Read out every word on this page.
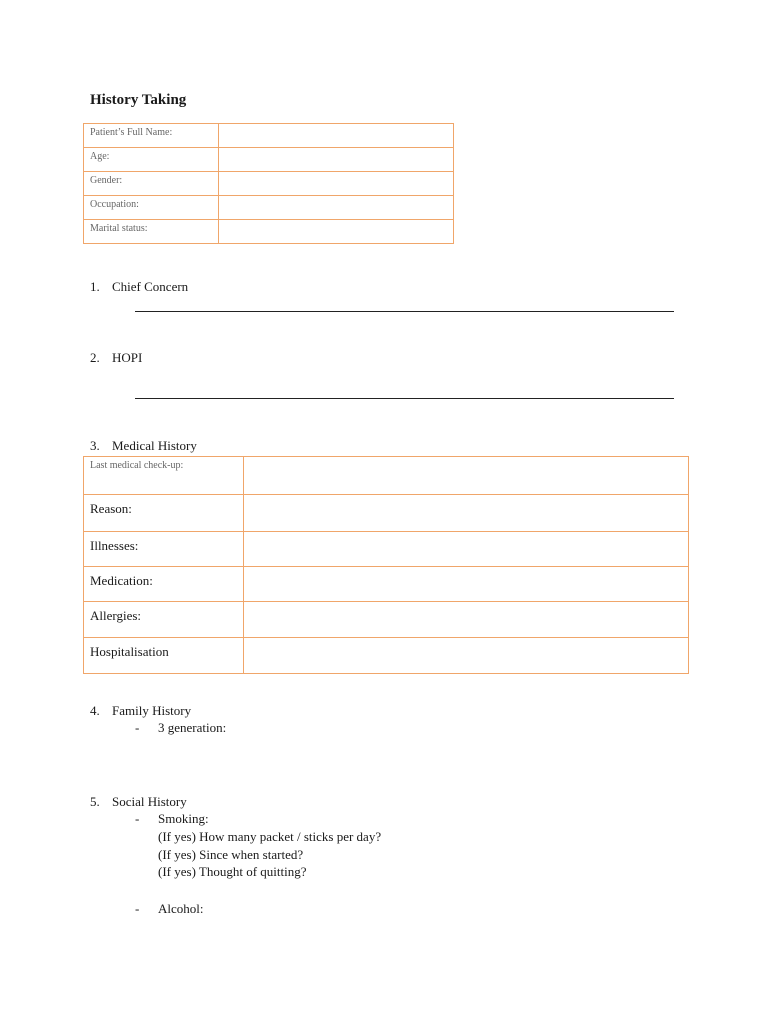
History Taking
Patient’s Full Name:	
Age:	
Gender:	
Occupation:	
Marital status:	
1. Chief Concern
2. HOPI
3. Medical History
Last medical check-up:	
Reason:	
Illnesses:	
Medication:	
Allergies:	
Hospitalisation	
4. Family History
- 3 generation:
5. Social History
- Smoking:
(If yes) How many packet / sticks per day?
(If yes) Since when started?
(If yes) Thought of quitting?
- Alcohol:
